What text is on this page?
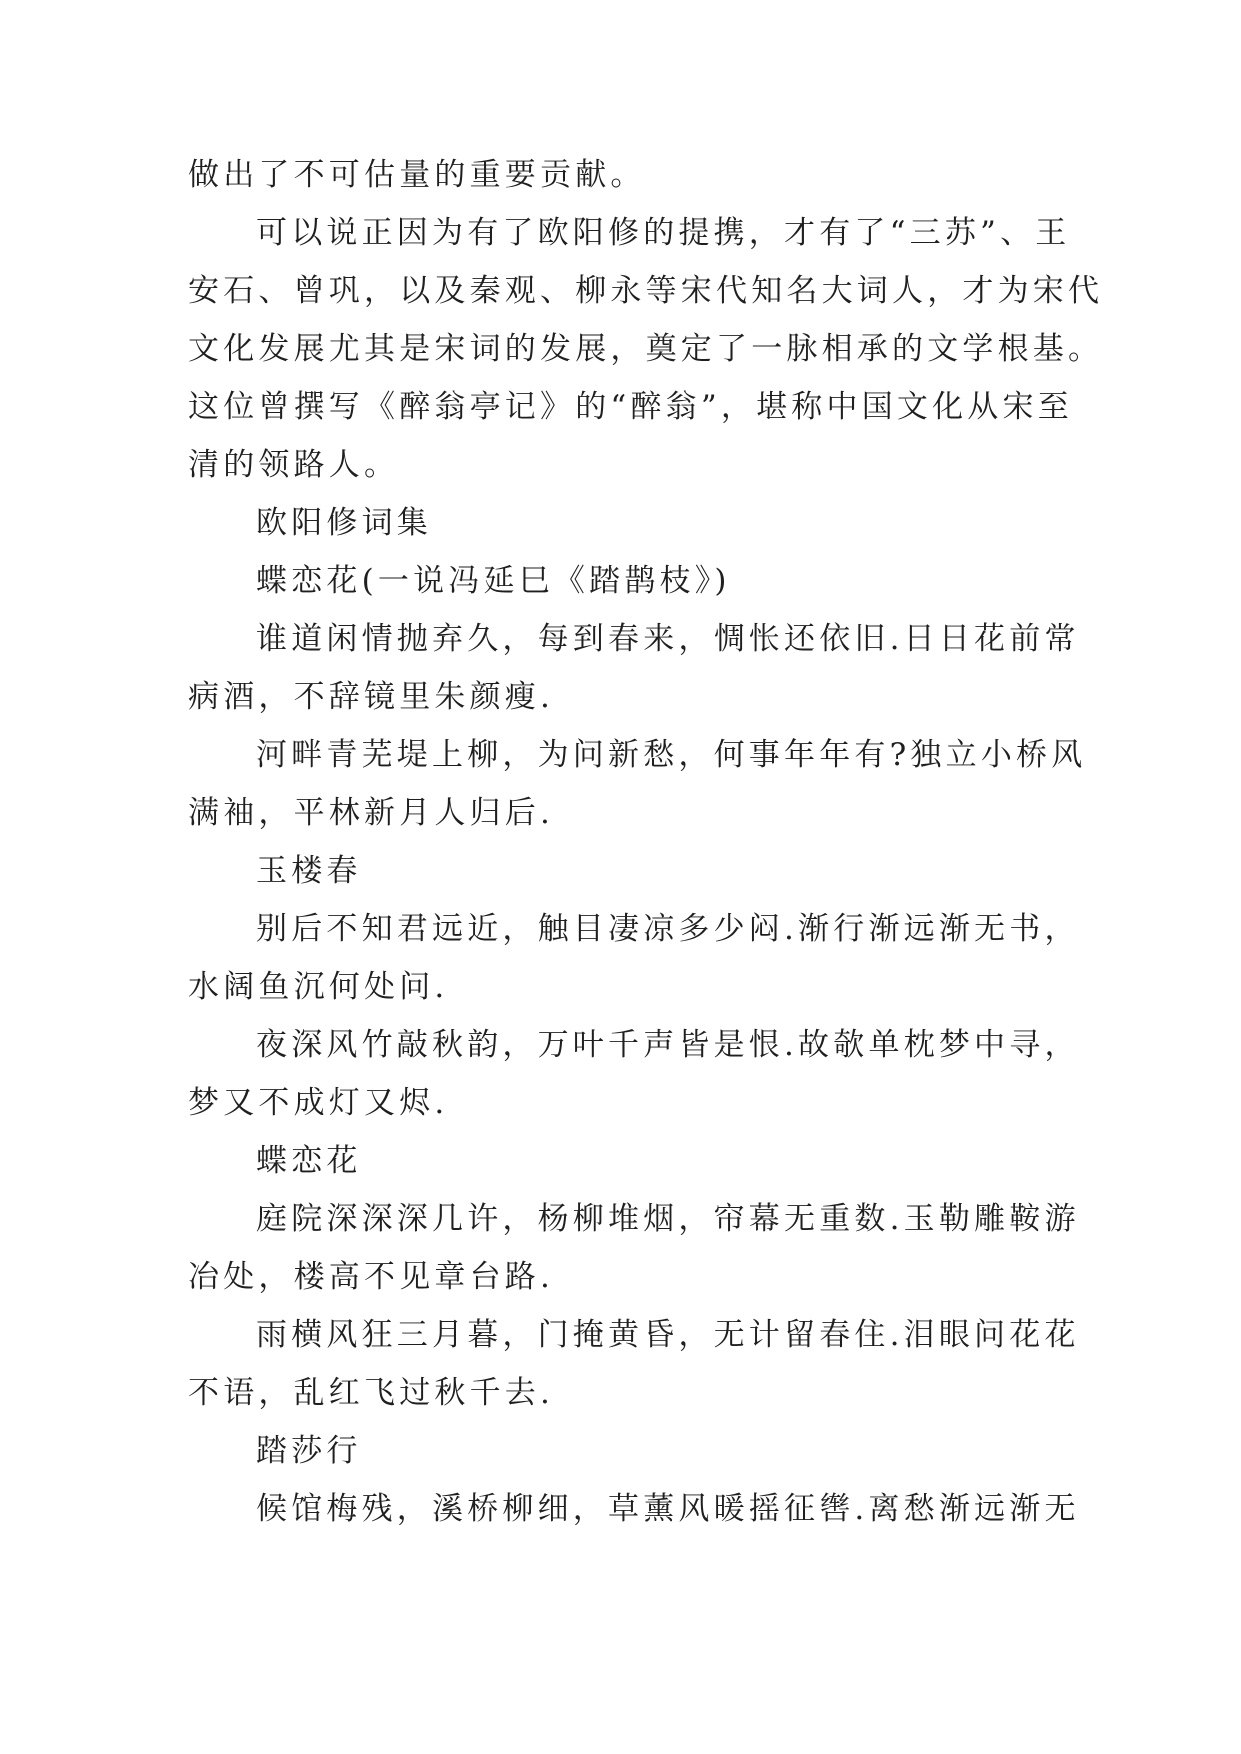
做出了不可估量的重要贡献。
可以说正因为有了欧阳修的提携，才有了“三苏”、王
安石、曾巩，以及秦观、柳永等宋代知名大词人，才为宋代
文化发展尤其是宋词的发展，奠定了一脉相承的文学根基。
这位曾撰写《醉翁亭记》的“醉翁”，堪称中国文化从宋至
清的领路人。
欧阳修词集
蝶恋花(一说冯延巳《踏鹊枝》)
谁道闲情抛弃久，每到春来，惆怅还依旧.日日花前常
病酒，不辞镜里朱颜瘦.
河畔青芜堤上柳，为问新愁，何事年年有?独立小桥风
满袖，平林新月人归后.
玉楼春
别后不知君远近，触目凄凉多少闷.渐行渐远渐无书，
水阔鱼沉何处问.
夜深风竹敲秋韵，万叶千声皆是恨.故欹单枕梦中寻，
梦又不成灯又烬.
蝶恋花
庭院深深深几许，杨柳堆烟，帘幕无重数.玉勒雕鞍游
冶处，楼高不见章台路.
雨横风狂三月暮，门掩黄昏，无计留春住.泪眼问花花
不语，乱红飞过秋千去.
踏莎行
候馆梅残，溪桥柳细，草薰风暖摇征辔.离愁渐远渐无
